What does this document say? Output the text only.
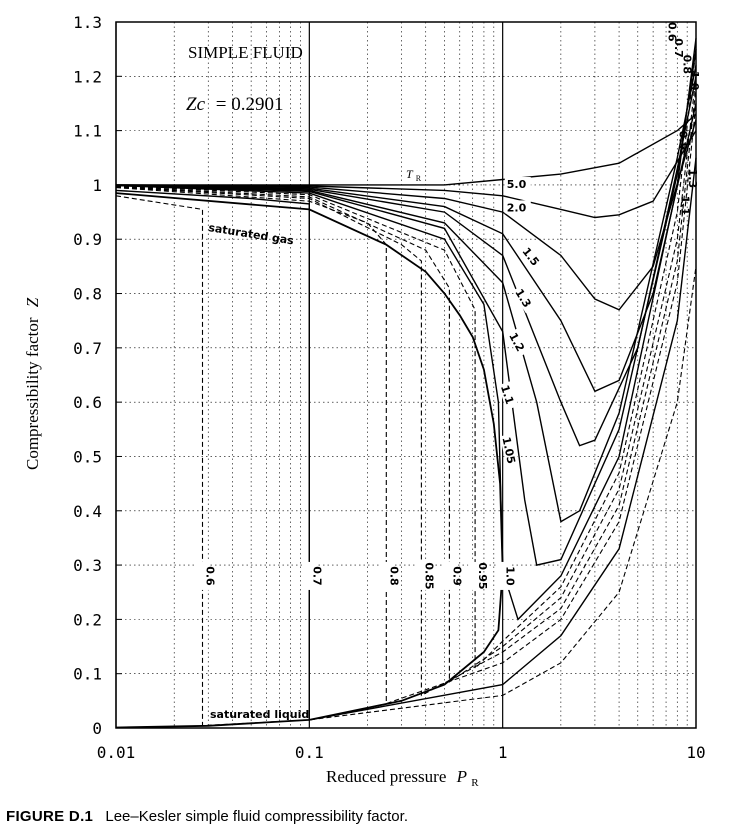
0
0.1
0.2
0.3
0.4
0.5
0.6
0.7
0.8
0.9
1
1.1
1.2
1.3
0.01	0.1	1	10
0.6	0.7	0.8 0.85 0.9 0.95 1.0
5.0
2.0
1.5
1.3
1.2
1.1
1.05
0.6
0.7
0.8
1.0
0.9
1.3
1.1
SIMPLE FLUID
Zc = 0.2901
T $_R$
saturated gas
saturated liquid
Reduced pressure P $_R$
Compressibility factor Z
FIGURE D.1 Lee–Kesler simple fluid compressibility factor.
